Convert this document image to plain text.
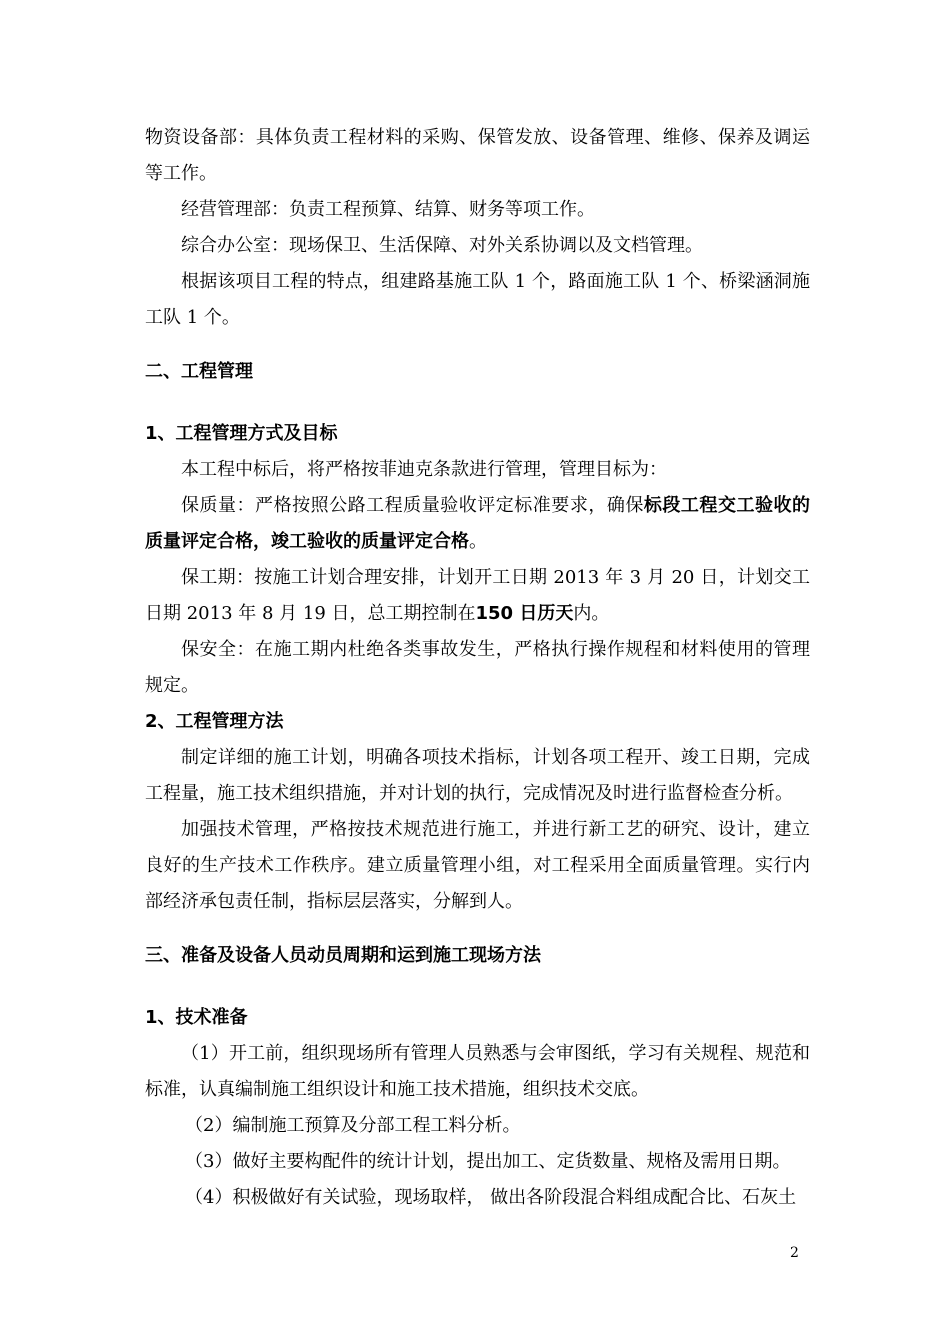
物资设备部：具体负责工程材料的采购、保管发放、设备管理、维修、保养及调运等工作。

经营管理部：负责工程预算、结算、财务等项工作。

综合办公室：现场保卫、生活保障、对外关系协调以及文档管理。

根据该项目工程的特点，组建路基施工队 1 个，路面施工队 1 个、桥梁涵洞施工队 1 个。

二、工程管理
1、工程管理方式及目标

本工程中标后，将严格按菲迪克条款进行管理，管理目标为：

保质量：严格按照公路工程质量验收评定标准要求，确保标段工程交工验收的质量评定合格，竣工验收的质量评定合格。

保工期：按施工计划合理安排，计划开工日期 2013 年 3 月 20 日，计划交工日期 2013 年 8 月 19 日，总工期控制在150 日历天内。

保安全：在施工期内杜绝各类事故发生，严格执行操作规程和材料使用的管理规定。

2、工程管理方法

制定详细的施工计划，明确各项技术指标，计划各项工程开、竣工日期，完成工程量，施工技术组织措施，并对计划的执行，完成情况及时进行监督检查分析。

加强技术管理，严格按技术规范进行施工，并进行新工艺的研究、设计，建立良好的生产技术工作秩序。建立质量管理小组，对工程采用全面质量管理。实行内部经济承包责任制，指标层层落实，分解到人。

三、准备及设备人员动员周期和运到施工现场方法
1、技术准备

（1）开工前，组织现场所有管理人员熟悉与会审图纸，学习有关规程、规范和标准，认真编制施工组织设计和施工技术措施，组织技术交底。

（2）编制施工预算及分部工程工料分析。

（3）做好主要构配件的统计计划，提出加工、定货数量、规格及需用日期。

（4）积极做好有关试验，现场取样， 做出各阶段混合料组成配合比、石灰土

2
